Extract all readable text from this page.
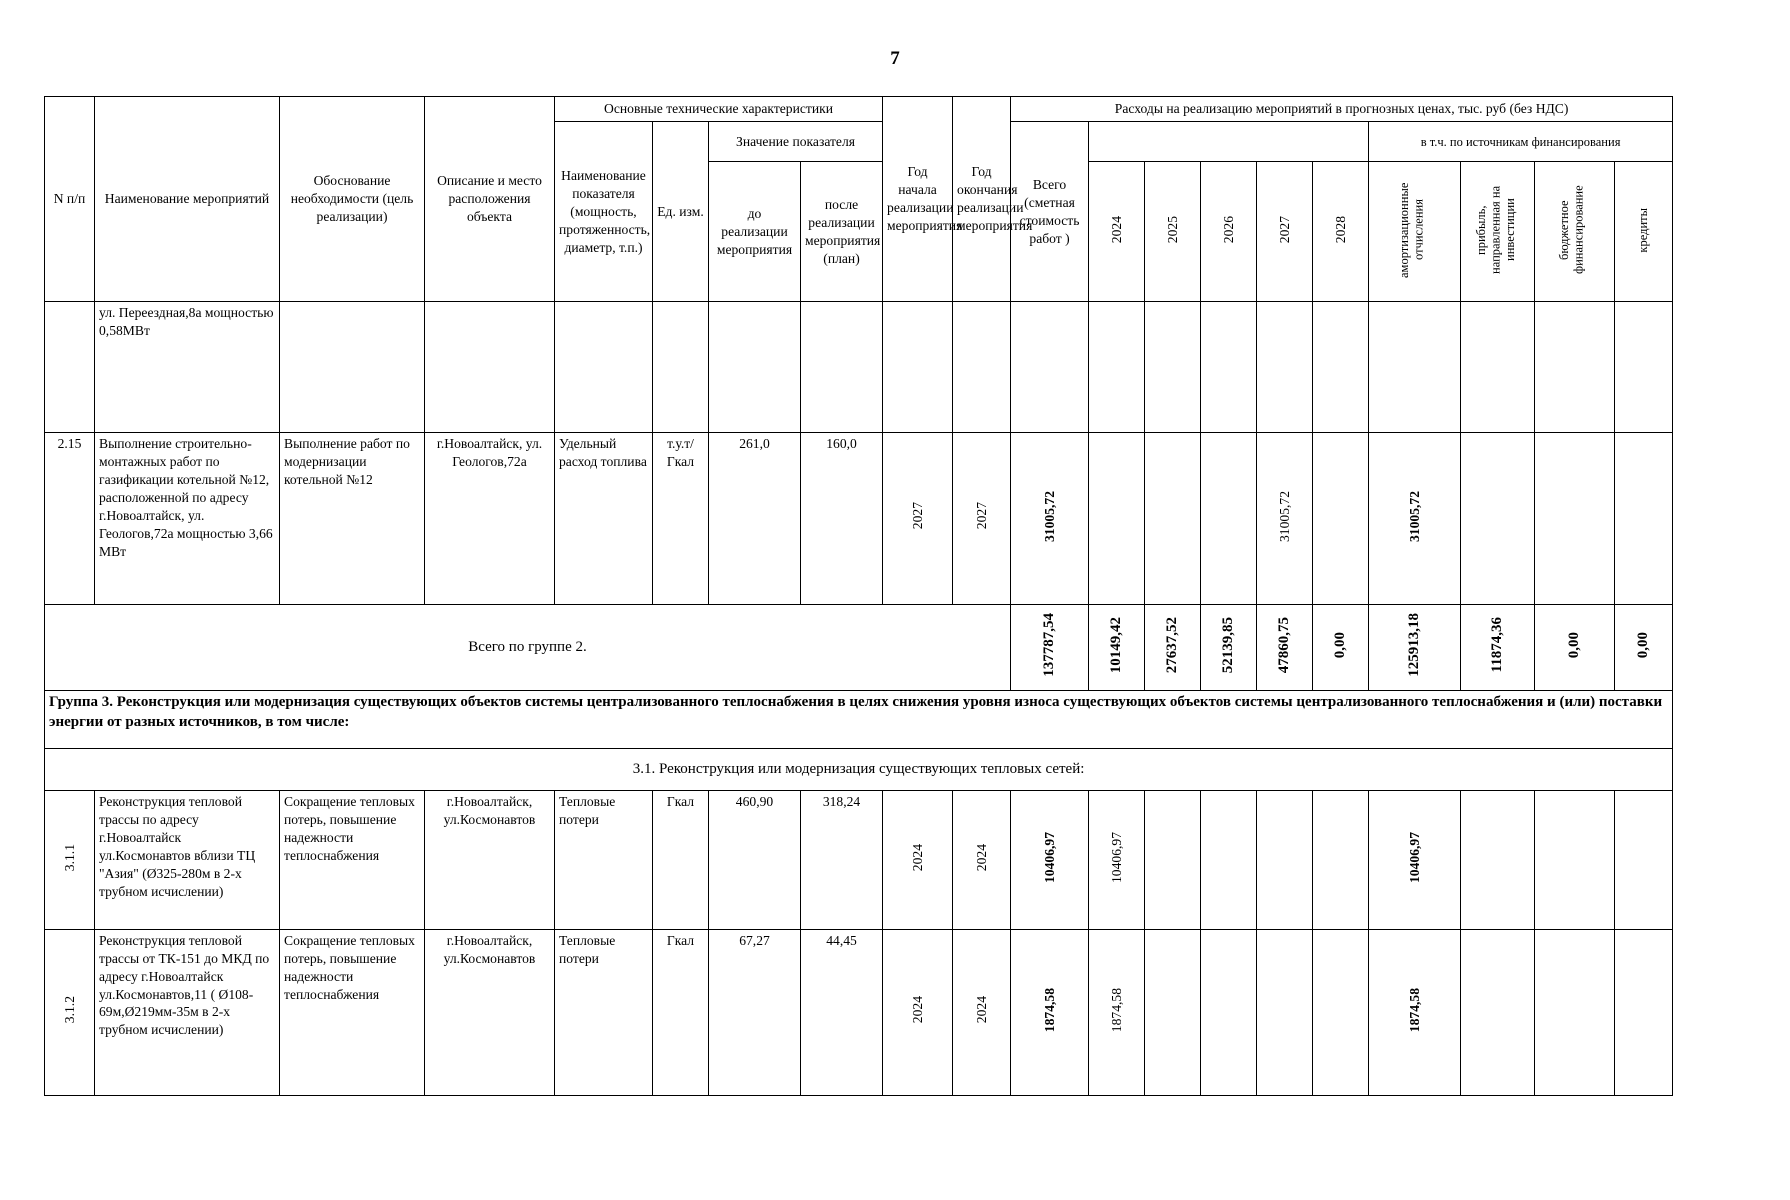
7
N п/п	Наименование мероприятий	Обоснование необходимости (цель реализации)	Описание и место расположения объекта	Основные технические характеристики				Год начала реализации мероприятия	Год окончания реализации мероприятия	Расходы на реализацию мероприятий в прогнозных ценах, тыс. руб (без НДС)									
				Наименование показателя (мощность, протяженность, диаметр, т.п.)	Ед. изм.	Значение показателя				Всего (сметная стоимость работ )						в т.ч. по источникам финансирования			
						до реализации мероприятия	после реализации мероприятия (план)				2024	2025	2026	2027	2028	амортизационные отчисления	прибыль, направленная на инвестиции	бюджетное финансирование	кредиты
	ул. Переездная,8а мощностью 0,58МВт																		
2.15	Выполнение строительно-монтажных работ по газификации котельной №12, расположенной по адресу г.Новоалтайск, ул. Геологов,72а мощностью 3,66 МВт	Выполнение работ по модернизации котельной №12	г.Новоалтайск, ул. Геологов,72а	Удельный расход топлива	т.у.т/ Гкал	261,0	160,0	2027	2027	31005,72				31005,72		31005,72			
Всего по группе 2.										137787,54	10149,42	27637,52	52139,85	47860,75	0,00	125913,18	11874,36	0,00	0,00
Группа 3. Реконструкция или модернизация существующих объектов системы централизованного теплоснабжения в целях снижения уровня износа существующих объектов системы централизованного теплоснабжения и (или) поставки энергии от разных источников, в том числе:																			
3.1. Реконструкция или модернизация существующих тепловых сетей:																			
3.1.1	Реконструкция тепловой трассы по адресу г.Новоалтайск ул.Космонавтов вблизи ТЦ "Азия" (Ø325-280м в 2-х трубном исчислении)	Сокращение тепловых потерь, повышение надежности теплоснабжения	г.Новоалтайск, ул.Космонавтов	Тепловые потери	Гкал	460,90	318,24	2024	2024	10406,97	10406,97					10406,97			
3.1.2	Реконструкция тепловой трассы от ТК-151 до МКД по адресу г.Новоалтайск ул.Космонавтов,11 ( Ø108-69м,Ø219мм-35м в 2-х трубном исчислении)	Сокращение тепловых потерь, повышение надежности теплоснабжения	г.Новоалтайск, ул.Космонавтов	Тепловые потери	Гкал	67,27	44,45	2024	2024	1874,58	1874,58					1874,58			
